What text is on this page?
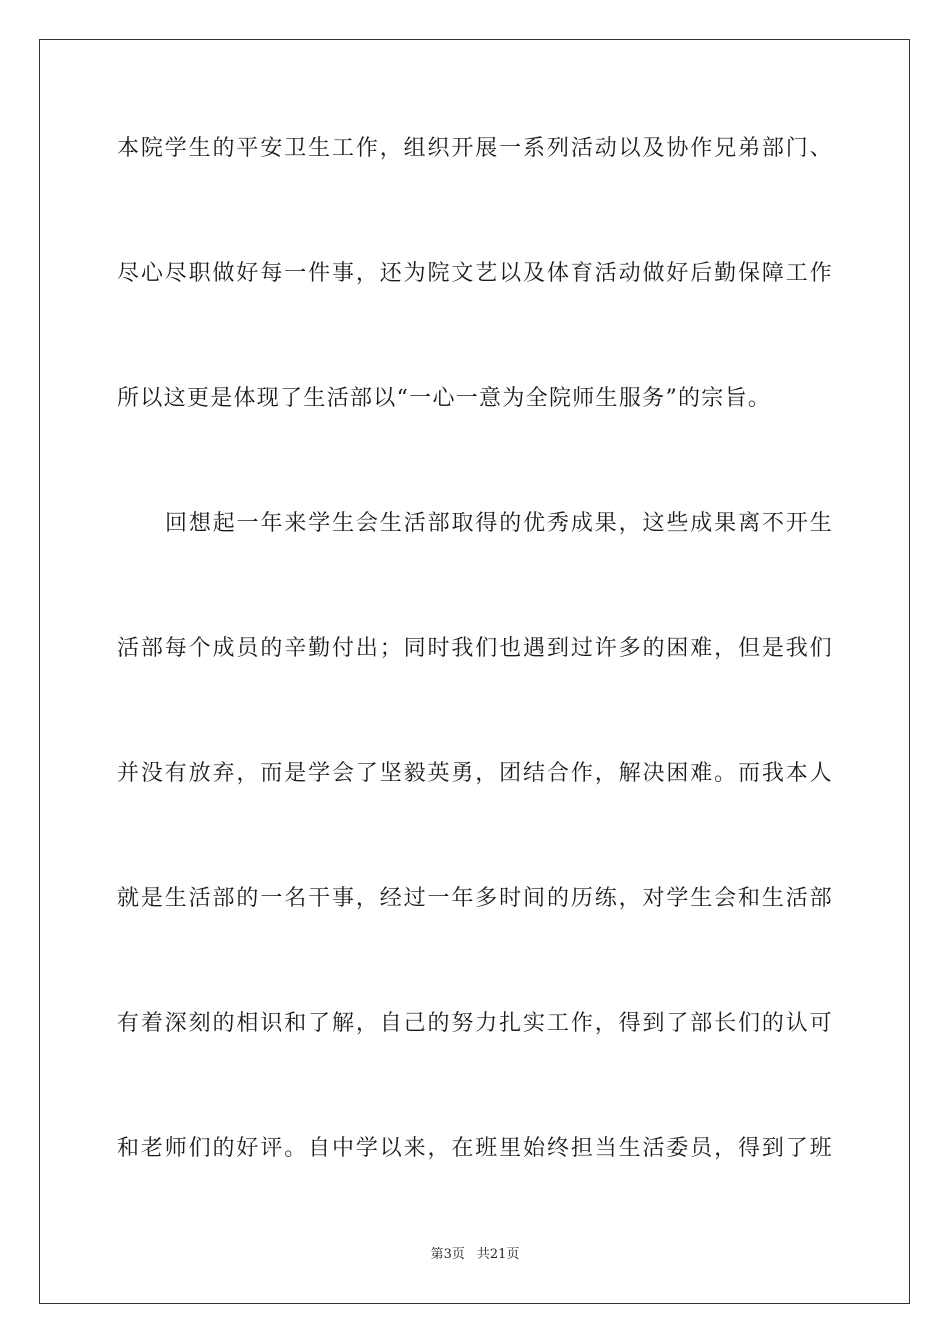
本院学生的平安卫生工作，组织开展一系列活动以及协作兄弟部门、
尽心尽职做好每一件事，还为院文艺以及体育活动做好后勤保障工作
所以这更是体现了生活部以“一心一意为全院师生服务”的宗旨。
回想起一年来学生会生活部取得的优秀成果，这些成果离不开生
活部每个成员的辛勤付出；同时我们也遇到过许多的困难，但是我们
并没有放弃，而是学会了坚毅英勇，团结合作，解决困难。而我本人
就是生活部的一名干事，经过一年多时间的历练，对学生会和生活部
有着深刻的相识和了解，自己的努力扎实工作，得到了部长们的认可
和老师们的好评。自中学以来，在班里始终担当生活委员，得到了班
第3页 共21页
